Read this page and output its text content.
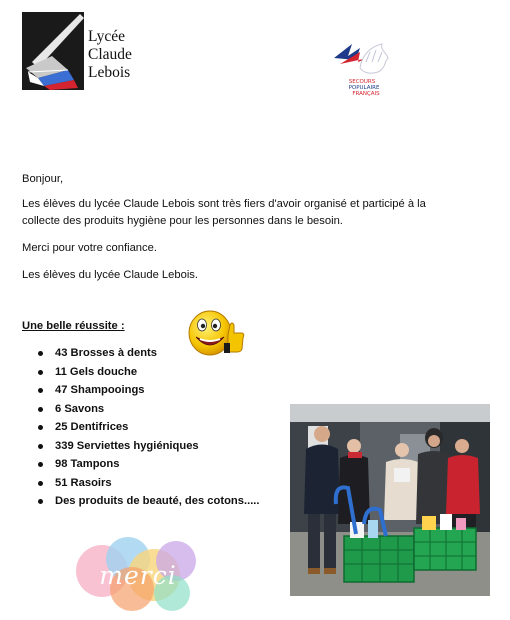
Lycée
Claude
Lebois
SECOURS
POPULAIRE
FRANÇAIS
Bonjour,
Les élèves du lycée Claude Lebois sont très fiers d'avoir organisé et participé à la collecte des produits hygiène pour les personnes dans le besoin.
Merci pour votre confiance.
Les élèves du lycée Claude Lebois.
Une belle réussite :
43 Brosses à dents
11 Gels douche
47 Shampooings
6 Savons
25 Dentifrices
339 Serviettes hygiéniques
98 Tampons
51 Rasoirs
Des produits de beauté, des cotons.....
merci
